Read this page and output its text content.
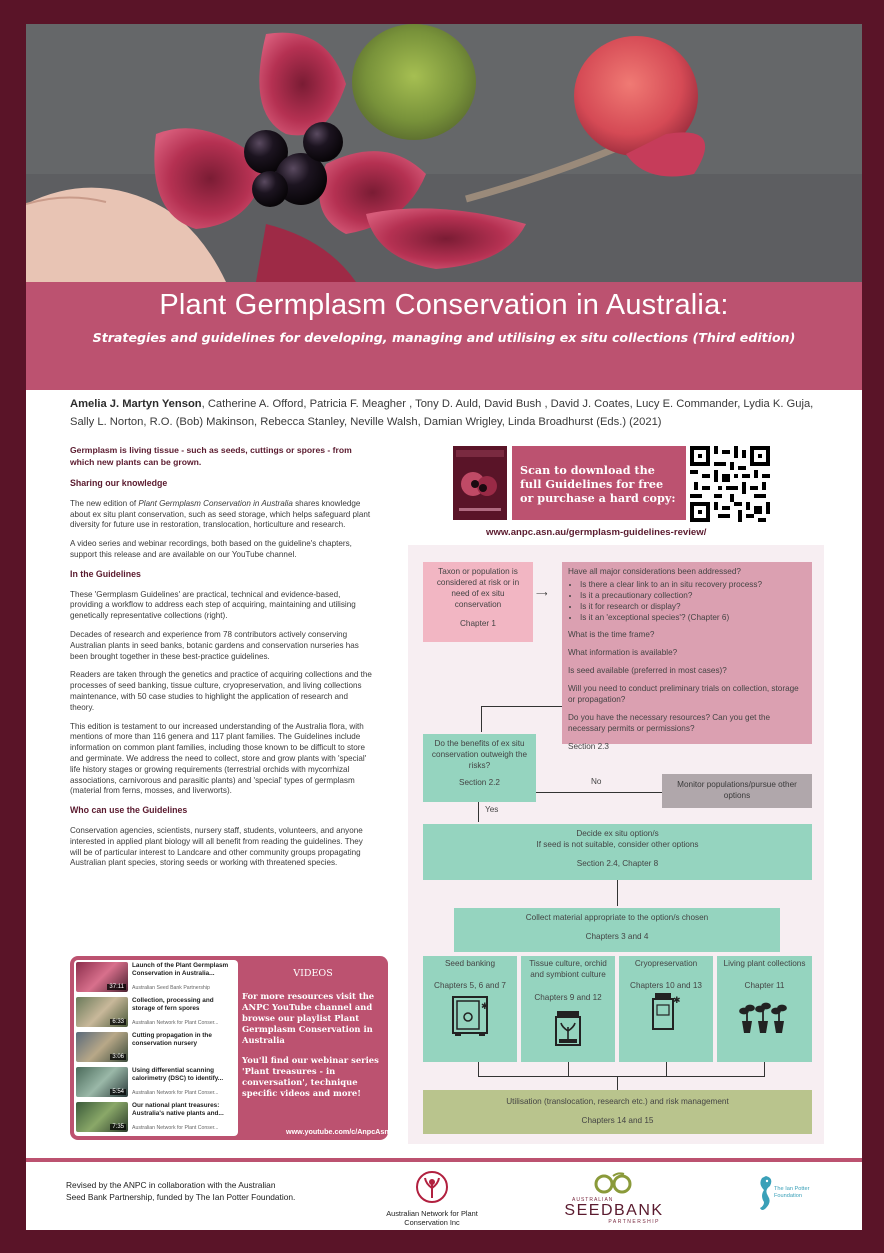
Plant Germplasm Conservation in Australia:
Strategies and guidelines for developing, managing and utilising ex situ collections (Third edition)
Amelia J. Martyn Yenson, Catherine A. Offord, Patricia F. Meagher , Tony D. Auld, David Bush , David J. Coates, Lucy E. Commander, Lydia K. Guja, Sally L. Norton, R.O. (Bob) Makinson, Rebecca Stanley, Neville Walsh, Damian Wrigley, Linda Broadhurst (Eds.) (2021)

Germplasm is living tissue - such as seeds, cuttings or spores - from which new plants can be grown.

Sharing our knowledge

The new edition of Plant Germplasm Conservation in Australia shares knowledge about ex situ plant conservation, such as seed storage, which helps safeguard plant diversity for future use in restoration, translocation, horticulture and research.

A video series and webinar recordings, both based on the guideline's chapters, support this release and are available on our YouTube channel.

In the Guidelines

These 'Germplasm Guidelines' are practical, technical and evidence-based, providing a workflow to address each step of acquiring, maintaining and utilising genetically representative collections (right).

Decades of research and experience from 78 contributors actively conserving Australian plants in seed banks, botanic gardens and conservation nurseries has been brought together in these best-practice guidelines.

Readers are taken through the genetics and practice of acquiring collections and the processes of seed banking, tissue culture, cryopreservation, and living collections maintenance, with 50 case studies to highlight the application of research and theory.

This edition is testament to our increased understanding of the Australia flora, with mentions of more than 116 genera and 117 plant families. The Guidelines include information on common plant families, including those known to be difficult to store and germinate. We address the need to collect, store and grow plants with 'special' life history stages or growing requirements (terrestrial orchids with mycorrhizal associations, carnivorous and parasitic plants) and 'special' types of germplasm (material from ferns, mosses, and liverworts).

Who can use the Guidelines

Conservation agencies, scientists, nursery staff, students, volunteers, and anyone interested in applied plant biology will all benefit from reading the guidelines. They will be of particular interest to Landcare and other community groups propagating Australian plant species, storing seeds or working with threatened species.

37:11
Launch of the Plant Germplasm Conservation in Australia...
Australian Seed Bank Partnership
6:33
Collection, processing and storage of fern spores
Australian Network for Plant Conser...
3:06
Cutting propagation in the conservation nursery
5:54
Using differential scanning calorimetry (DSC) to identify...
Australian Network for Plant Conser...
7:35
Our national plant treasures: Australia's native plants and...
Australian Network for Plant Conser...
VIDEOS
For more resources visit the ANPC YouTube channel and browse our playlist Plant Germplasm Conservation in Australia
You'll find our webinar series 'Plant treasures - in conversation', technique specific videos and more!
www.youtube.com/c/AnpcAsnAu
Scan to download the full Guidelines for free or purchase a hard copy:
www.anpc.asn.au/germplasm-guidelines-review/
Taxon or population is considered at risk or in need of ex situ conservation
Chapter 1
⟶
Have all major considerations been addressed?
• Is there a clear link to an in situ recovery process?
• Is it a precautionary collection?
• Is it for research or display?
• Is it an 'exceptional species'? (Chapter 6)
What is the time frame?
What information is available?
Is seed available (preferred in most cases)?
Will you need to conduct preliminary trials on collection, storage or propagation?
Do you have the necessary resources? Can you get the necessary permits or permissions?
Section 2.3
Do the benefits of ex situ conservation outweigh the risks?
Section 2.2	No	Monitor populations/pursue other options
Yes
Decide ex situ option/s
If seed is not suitable, consider other options
Section 2.4, Chapter 8
Collect material appropriate to the option/s chosen
Chapters 3 and 4
Seed banking
Chapters 5, 6 and 7
✱
Tissue culture, orchid and symbiont culture
Chapters 9 and 12
Cryopreservation
Chapters 10 and 13
✱
Living plant collections
Chapter 11
Utilisation (translocation, research etc.) and risk management
Chapters 14 and 15
Revised by the ANPC in collaboration with the Australian Seed Bank Partnership, funded by The Ian Potter Foundation.
Australian Network for Plant Conservation Inc
AUSTRALIAN
SEEDBANK
PARTNERSHIP
The Ian Potter Foundation
